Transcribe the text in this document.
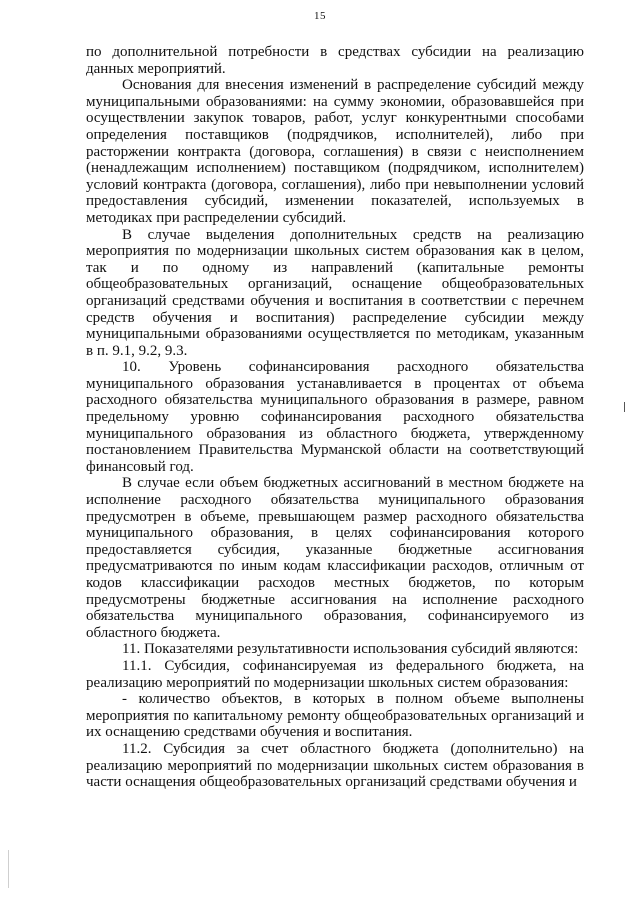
15

по дополнительной потребности в средствах субсидии на реализацию данных мероприятий.

Основания для внесения изменений в распределение субсидий между муниципальными образованиями: на сумму экономии, образовавшейся при осуществлении закупок товаров, работ, услуг конкурентными способами определения поставщиков (подрядчиков, исполнителей), либо при расторжении контракта (договора, соглашения) в связи с неисполнением (ненадлежащим исполнением) поставщиком (подрядчиком, исполнителем) условий контракта (договора, соглашения), либо при невыполнении условий предоставления субсидий, изменении показателей, используемых в методиках при распределении субсидий.

В случае выделения дополнительных средств на реализацию мероприятия по модернизации школьных систем образования как в целом, так и по одному из направлений (капитальные ремонты общеобразовательных организаций, оснащение общеобразовательных организаций средствами обучения и воспитания в соответствии с перечнем средств обучения и воспитания) распределение субсидии между муниципальными образованиями осуществляется по методикам, указанным в п. 9.1, 9.2, 9.3.

10. Уровень софинансирования расходного обязательства муниципального образования устанавливается в процентах от объема расходного обязательства муниципального образования в размере, равном предельному уровню софинансирования расходного обязательства муниципального образования из областного бюджета, утвержденному постановлением Правительства Мурманской области на соответствующий финансовый год.

В случае если объем бюджетных ассигнований в местном бюджете на исполнение расходного обязательства муниципального образования предусмотрен в объеме, превышающем размер расходного обязательства муниципального образования, в целях софинансирования которого предоставляется субсидия, указанные бюджетные ассигнования предусматриваются по иным кодам классификации расходов, отличным от кодов классификации расходов местных бюджетов, по которым предусмотрены бюджетные ассигнования на исполнение расходного обязательства муниципального образования, софинансируемого из областного бюджета.

11. Показателями результативности использования субсидий являются:

11.1. Субсидия, софинансируемая из федерального бюджета, на реализацию мероприятий по модернизации школьных систем образования:

- количество объектов, в которых в полном объеме выполнены мероприятия по капитальному ремонту общеобразовательных организаций и их оснащению средствами обучения и воспитания.

11.2. Субсидия за счет областного бюджета (дополнительно) на реализацию мероприятий по модернизации школьных систем образования в части оснащения общеобразовательных организаций средствами обучения и
